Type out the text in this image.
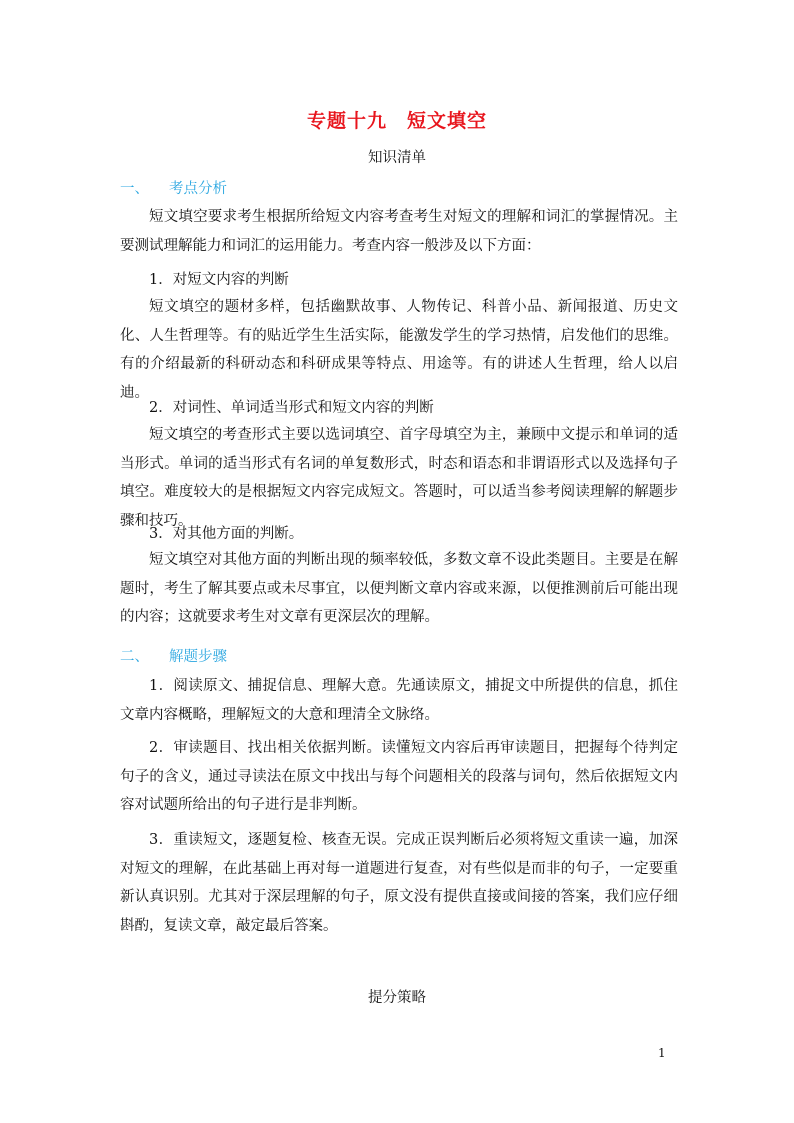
专题十九　短文填空
知识清单
一、 考点分析
短文填空要求考生根据所给短文内容考查考生对短文的理解和词汇的掌握情况。主要测试理解能力和词汇的运用能力。考查内容一般涉及以下方面：
1．对短文内容的判断
短文填空的题材多样，包括幽默故事、人物传记、科普小品、新闻报道、历史文化、人生哲理等。有的贴近学生生活实际，能激发学生的学习热情，启发他们的思维。有的介绍最新的科研动态和科研成果等特点、用途等。有的讲述人生哲理，给人以启迪。
2．对词性、单词适当形式和短文内容的判断
短文填空的考查形式主要以选词填空、首字母填空为主，兼顾中文提示和单词的适当形式。单词的适当形式有名词的单复数形式，时态和语态和非谓语形式以及选择句子填空。难度较大的是根据短文内容完成短文。答题时，可以适当参考阅读理解的解题步骤和技巧。
3．对其他方面的判断。
短文填空对其他方面的判断出现的频率较低，多数文章不设此类题目。主要是在解题时，考生了解其要点或未尽事宜，以便判断文章内容或来源，以便推测前后可能出现的内容；这就要求考生对文章有更深层次的理解。
二、 解题步骤
1．阅读原文、捕捉信息、理解大意。先通读原文，捕捉文中所提供的信息，抓住文章内容概略，理解短文的大意和理清全文脉络。
2．审读题目、找出相关依据判断。读懂短文内容后再审读题目，把握每个待判定句子的含义，通过寻读法在原文中找出与每个问题相关的段落与词句，然后依据短文内容对试题所给出的句子进行是非判断。
3．重读短文，逐题复检、核查无误。完成正误判断后必须将短文重读一遍，加深对短文的理解，在此基础上再对每一道题进行复查，对有些似是而非的句子，一定要重新认真识别。尤其对于深层理解的句子，原文没有提供直接或间接的答案，我们应仔细斟酌，复读文章，敲定最后答案。
提分策略
1
